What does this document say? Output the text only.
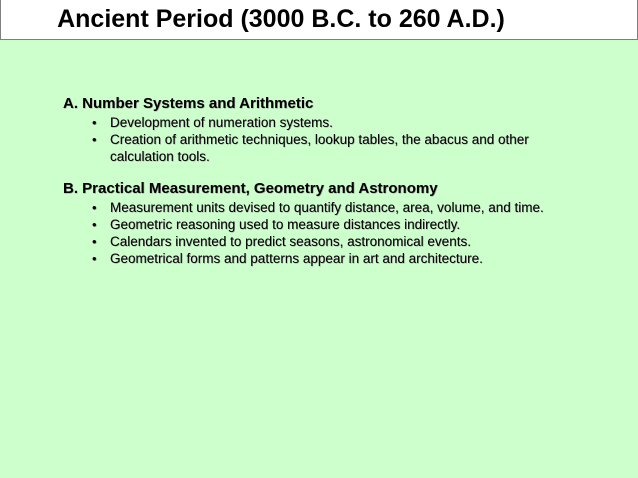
Ancient Period (3000 B.C. to 260 A.D.)
A. Number Systems and Arithmetic
• Development of numeration systems.
• Creation of arithmetic techniques, lookup tables, the abacus and other calculation tools.
B. Practical Measurement, Geometry and Astronomy
• Measurement units devised to quantify distance, area, volume, and time.
• Geometric reasoning used to measure distances indirectly.
• Calendars invented to predict seasons, astronomical events.
• Geometrical forms and patterns appear in art and architecture.
